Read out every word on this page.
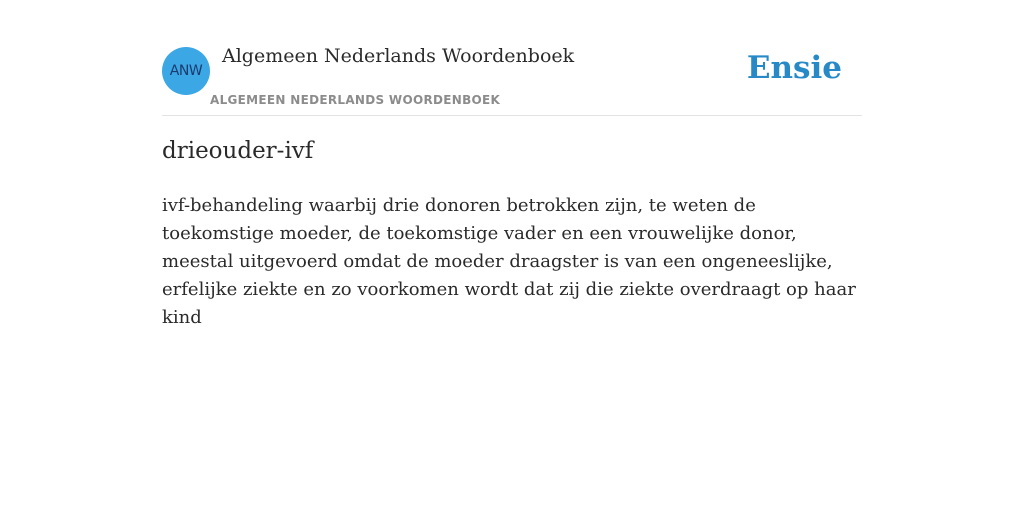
ANW
Algemeen Nederlands Woordenboek
ALGEMEEN NEDERLANDS WOORDENBOEK
Ensie
drieouder-ivf

ivf-behandeling waarbij drie donoren betrokken zijn, te weten de toekomstige moeder, de toekomstige vader en een vrouwelijke donor, meestal uitgevoerd omdat de moeder draagster is van een ongeneeslijke, erfelijke ziekte en zo voorkomen wordt dat zij die ziekte overdraagt op haar kind
